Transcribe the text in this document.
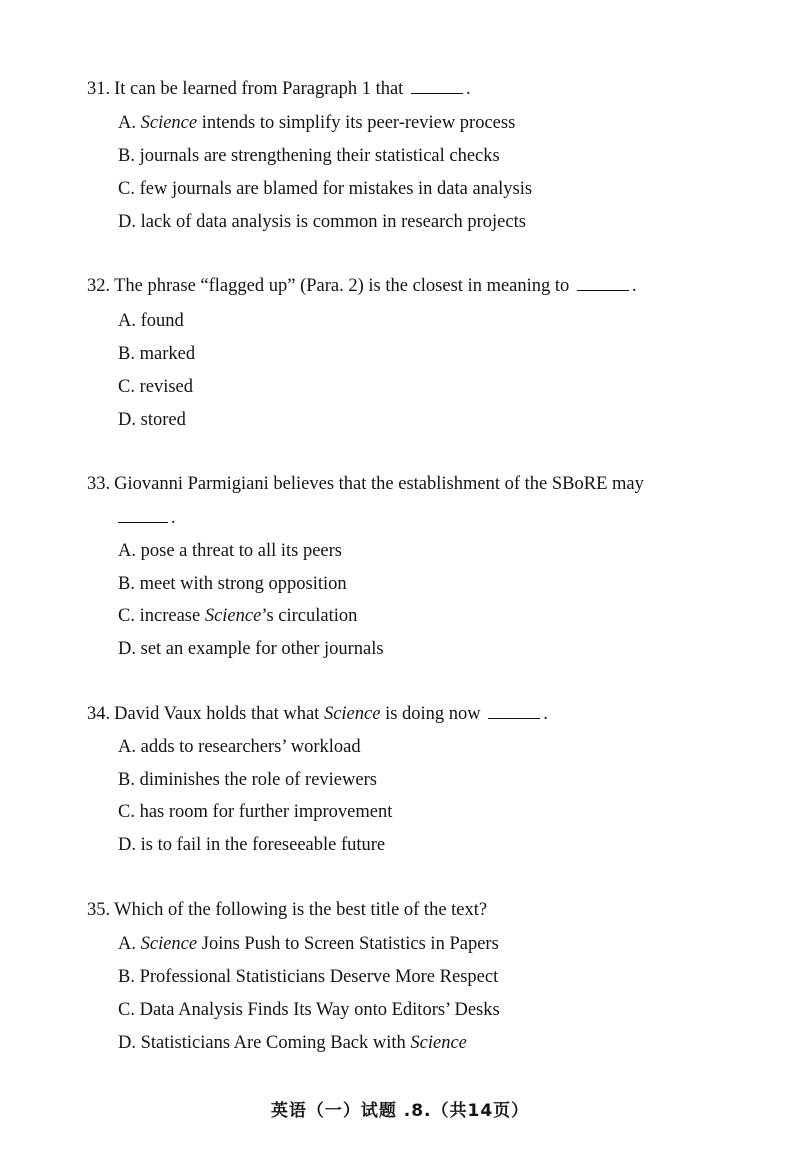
31. It can be learned from Paragraph 1 that	.
A. Science intends to simplify its peer-review process
B. journals are strengthening their statistical checks
C. few journals are blamed for mistakes in data analysis
D. lack of data analysis is common in research projects
32. The phrase “flagged up” (Para. 2) is the closest in meaning to	.
A. found
B. marked
C. revised
D. stored
33. Giovanni Parmigiani believes that the establishment of the SBoRE may
.
A. pose a threat to all its peers
B. meet with strong opposition
C. increase Science’s circulation
D. set an example for other journals
34. David Vaux holds that what Science is doing now	.
A. adds to researchers’ workload
B. diminishes the role of reviewers
C. has room for further improvement
D. is to fail in the foreseeable future
35. Which of the following is the best title of the text?
A. Science Joins Push to Screen Statistics in Papers
B. Professional Statisticians Deserve More Respect
C. Data Analysis Finds Its Way onto Editors’ Desks
D. Statisticians Are Coming Back with Science
英语（一）试题 .8.（共14页）
